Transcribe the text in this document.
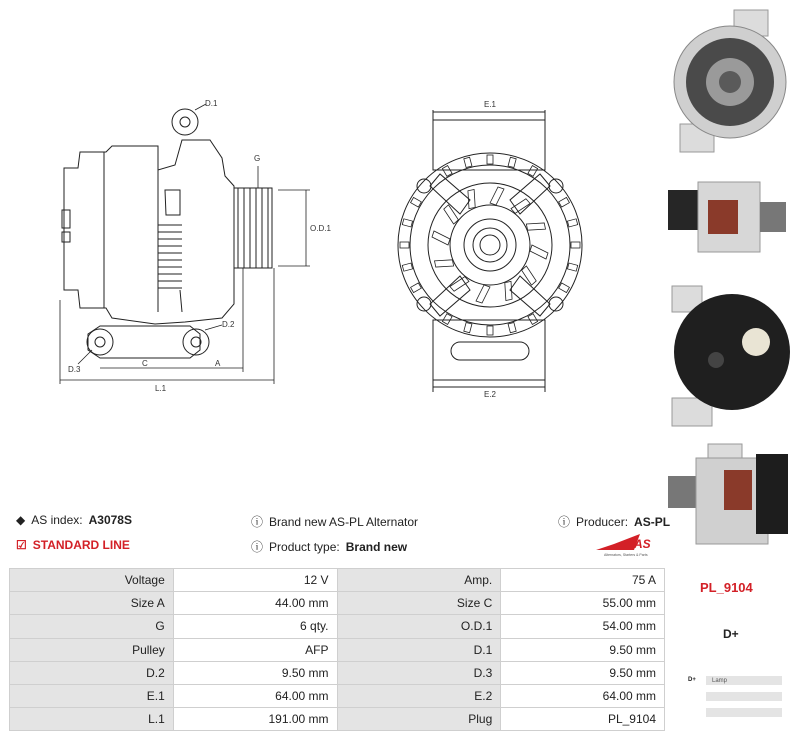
D.1
G
O.D.1
D.2
D.3
C	A
L.1
E.1
E.2
◆ AS index: A3078S	ⓘ Brand new AS-PL Alternator	ⓘ Producer: AS-PL
☑ STANDARD LINE	ⓘ Product type: Brand new	AS
Alternators, Starters & Parts
Voltage	12 V	Amp.	75 A
Size A	44.00 mm	Size C	55.00 mm
G	6 qty.	O.D.1	54.00 mm
Pulley	AFP	D.1	9.50 mm
D.2	9.50 mm	D.3	9.50 mm
E.1	64.00 mm	E.2	64.00 mm
L.1	191.00 mm	Plug	PL_9104
PL_9104
D+
D+	Lamp
